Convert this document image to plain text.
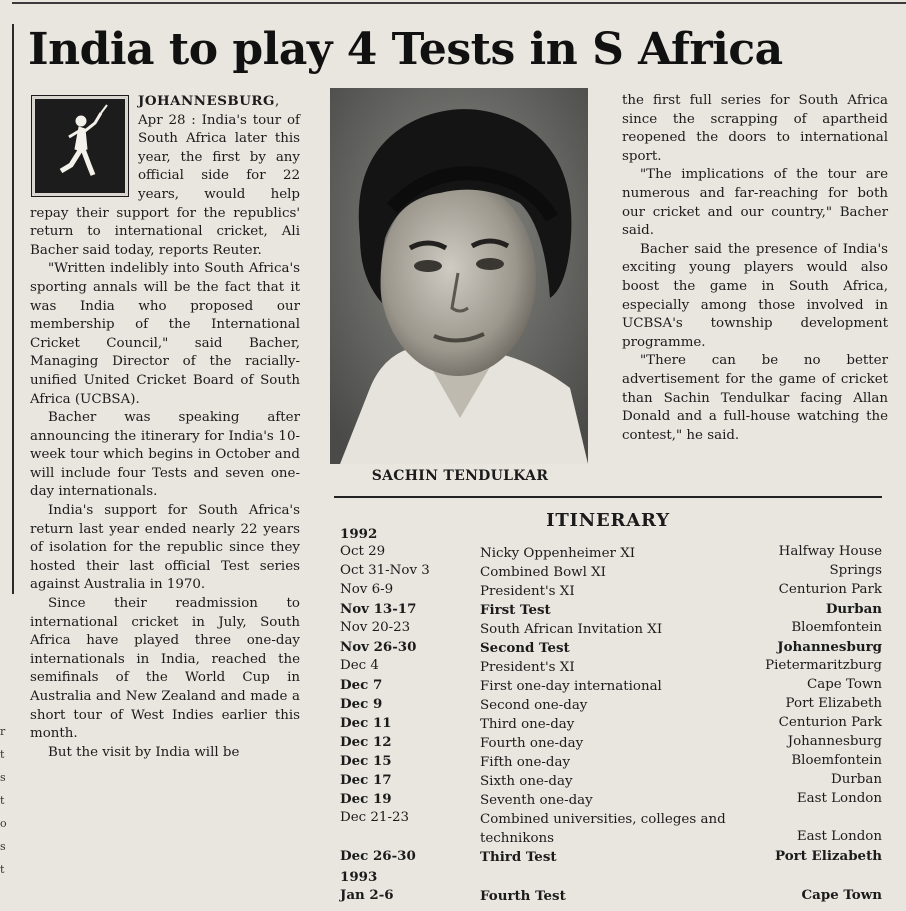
r
t
s
t
o
s
t
India to play 4 Tests in S Africa

JOHANNESBURG, Apr 28 : India's tour of South Africa later this year, the first by any official side for 22 years, would help repay their support for the republics' return to international cricket, Ali Bacher said today, reports Reuter.

"Written indelibly into South Africa's sporting annals will be the fact that it was India who proposed our membership of the International Cricket Council," said Bacher, Managing Director of the racially-unified United Cricket Board of South Africa (UCBSA).

Bacher was speaking after announcing the itinerary for India's 10-week tour which begins in October and will include four Tests and seven one-day internationals.

India's support for South Africa's return last year ended nearly 22 years of isolation for the republic since they hosted their last official Test series against Australia in 1970.

Since their readmission to international cricket in July, South Africa have played three one-day internationals in India, reached the semifinals of the World Cup in Australia and New Zealand and made a short tour of West Indies earlier this month.

But the visit by India will be

SACHIN TENDULKAR

the first full series for South Africa since the scrapping of apartheid reopened the doors to international sport.

"The implications of the tour are numerous and far-reaching for both our cricket and our country," Bacher said.

Bacher said the presence of India's exciting young players would also boost the game in South Africa, especially among those involved in UCBSA's township development programme.

"There can be no better advertisement for the game of cricket than Sachin Tendulkar facing Allan Donald and a full-house watching the contest," he said.

ITINERARY
1992
Oct 29	Nicky Oppenheimer XI	Halfway House
Oct 31-Nov 3	Combined Bowl XI	Springs
Nov 6-9	President's XI	Centurion Park
Nov 13-17	First Test	Durban
Nov 20-23	South African Invitation XI	Bloemfontein
Nov 26-30	Second Test	Johannesburg
Dec 4	President's XI	Pietermaritzburg
Dec 7	First one-day international	Cape Town
Dec 9	Second one-day	Port Elizabeth
Dec 11	Third one-day	Centurion Park
Dec 12	Fourth one-day	Johannesburg
Dec 15	Fifth one-day	Bloemfontein
Dec 17	Sixth one-day	Durban
Dec 19	Seventh one-day	East London
Dec 21-23	Combined universities, colleges and technikons	East London
Dec 26-30	Third Test	Port Elizabeth
1993
Jan 2-6	Fourth Test	Cape Town
